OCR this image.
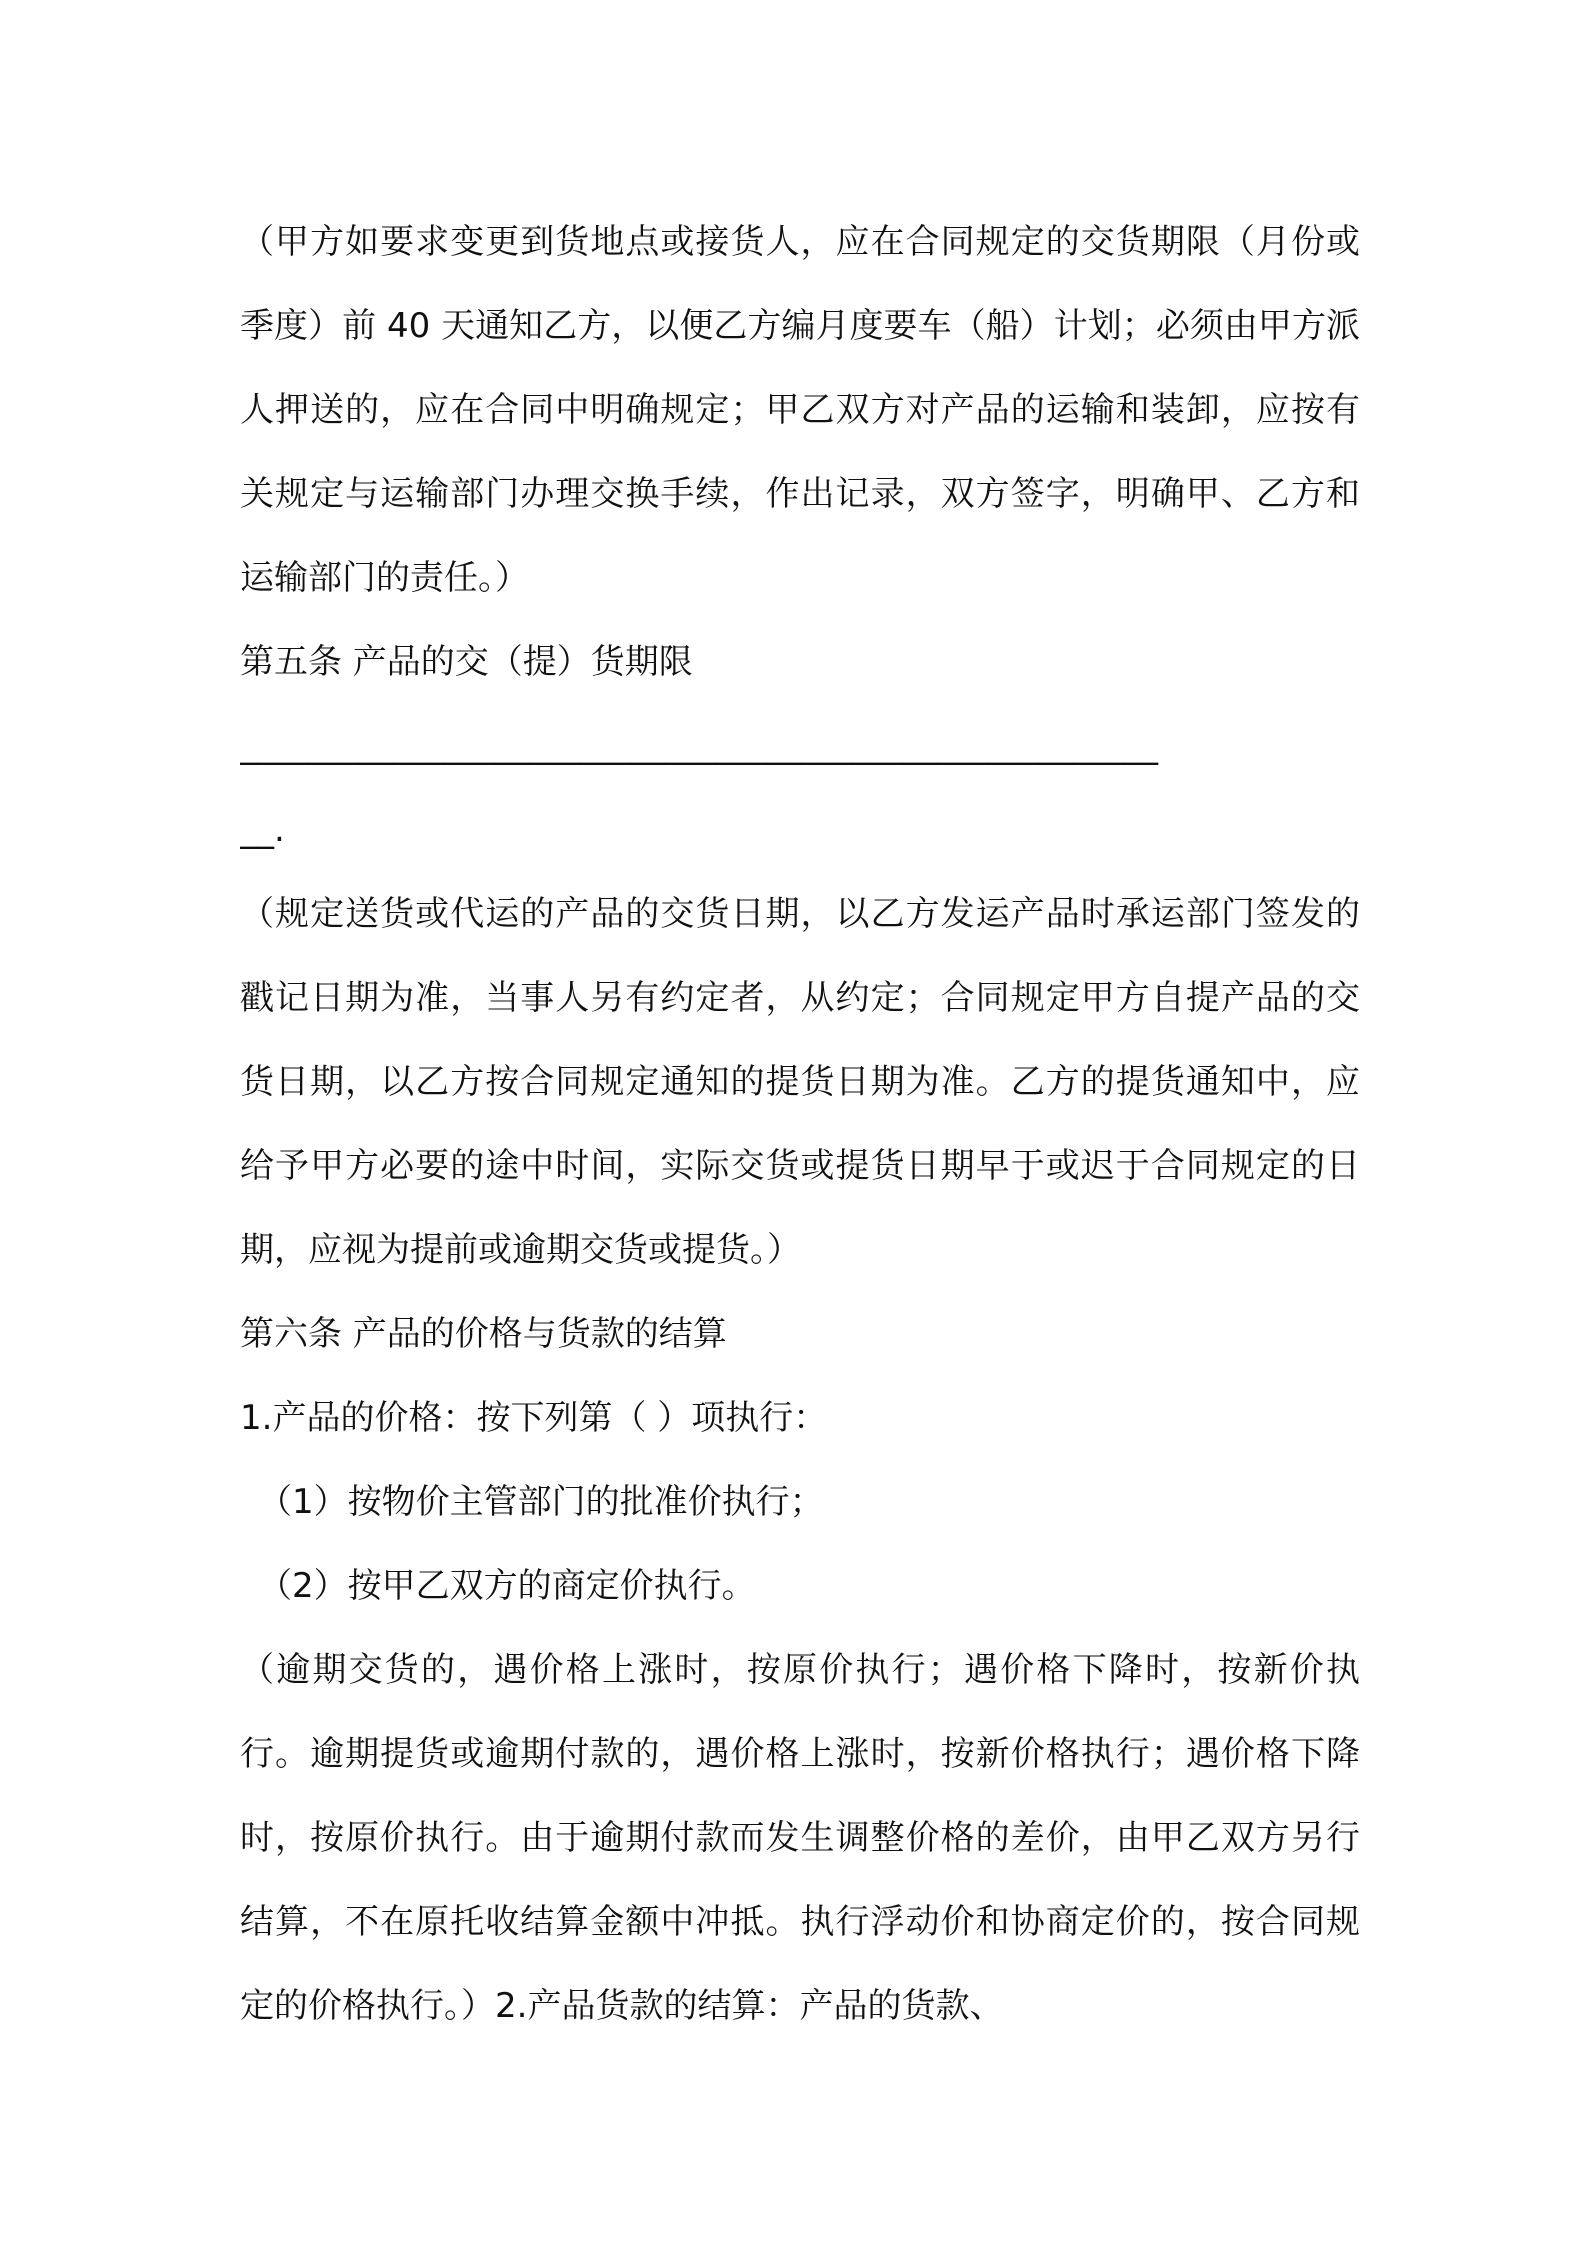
（甲方如要求变更到货地点或接货人，应在合同规定的交货期限（月份或季度）前 40 天通知乙方，以便乙方编月度要车（船）计划；必须由甲方派人押送的，应在合同中明确规定；甲乙双方对产品的运输和装卸，应按有关规定与运输部门办理交换手续，作出记录，双方签字，明确甲、乙方和运输部门的责任。）

第五条 产品的交（提）货期限

______________________________________________________

__.

（规定送货或代运的产品的交货日期，以乙方发运产品时承运部门签发的戳记日期为准，当事人另有约定者，从约定；合同规定甲方自提产品的交货日期，以乙方按合同规定通知的提货日期为准。乙方的提货通知中，应给予甲方必要的途中时间，实际交货或提货日期早于或迟于合同规定的日期，应视为提前或逾期交货或提货。）

第六条 产品的价格与货款的结算

1.产品的价格：按下列第（ ）项执行：

（1）按物价主管部门的批准价执行；

（2）按甲乙双方的商定价执行。

（逾期交货的，遇价格上涨时，按原价执行；遇价格下降时，按新价执行。逾期提货或逾期付款的，遇价格上涨时，按新价格执行；遇价格下降时，按原价执行。由于逾期付款而发生调整价格的差价，由甲乙双方另行结算，不在原托收结算金额中冲抵。执行浮动价和协商定价的，按合同规定的价格执行。）2.产品货款的结算：产品的货款、
